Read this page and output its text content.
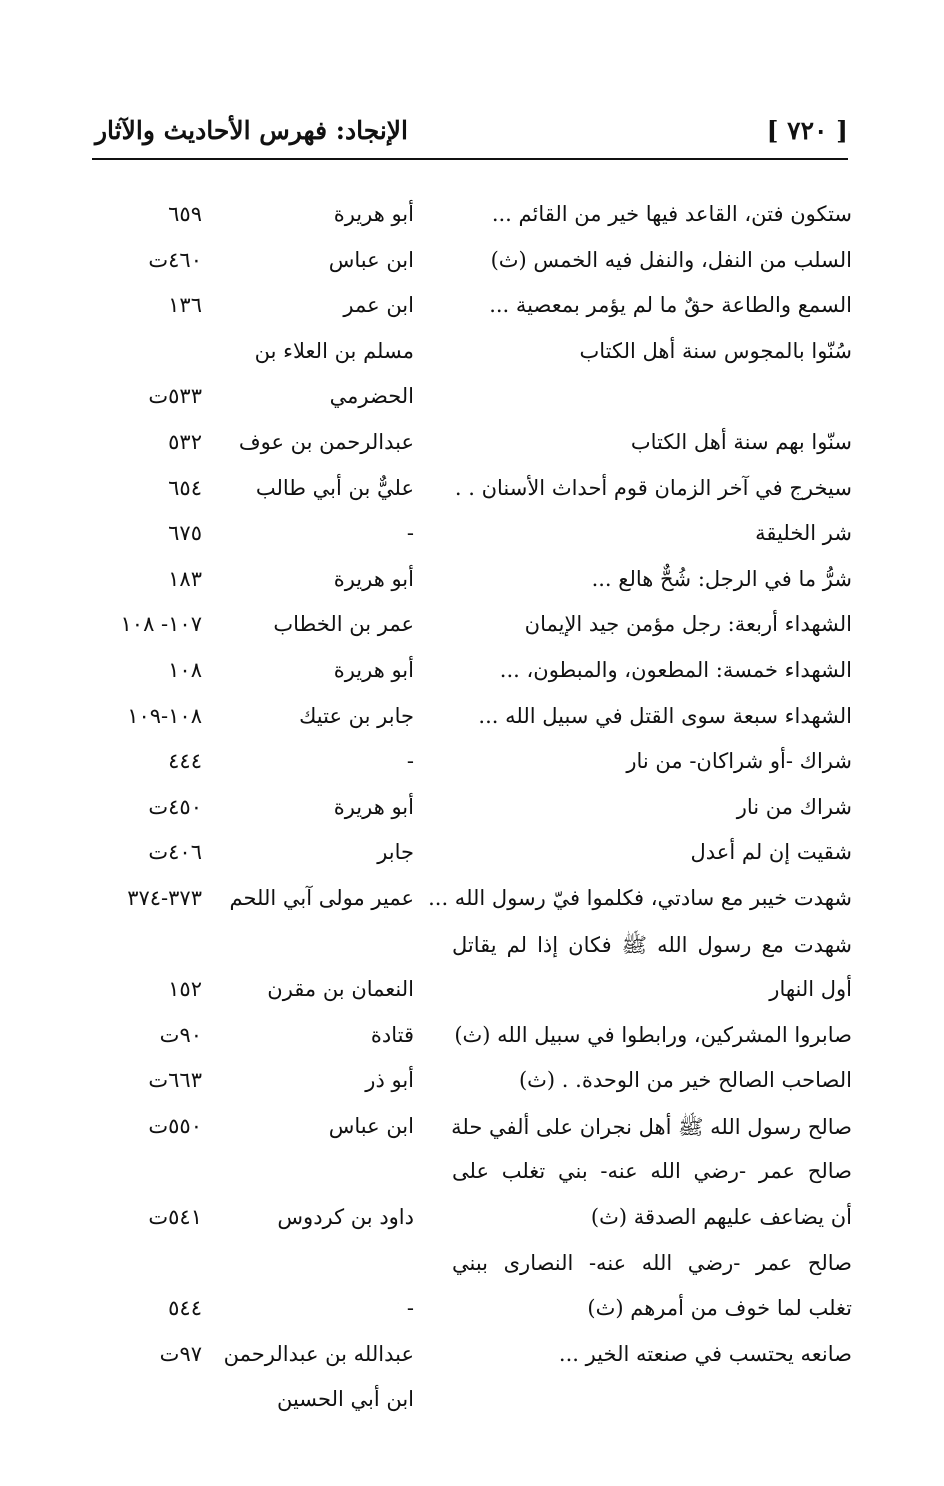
[ ٧٢٠ ]
الإنجاد: فهرس الأحاديث والآثار
ستكون فتن، القاعد فيها خير من القائم ...
أبو هريرة
٦٥٩
السلب من النفل، والنفل فيه الخمس (ث)
ابن عباس
٤٦٠ت
السمع والطاعة حقٌ ما لم يؤمر بمعصية ...
ابن عمر
١٣٦
سُنّوا بالمجوس سنة أهل الكتاب
مسلم بن العلاء بن
الحضرمي
٥٣٣ت
سنّوا بهم سنة أهل الكتاب
عبدالرحمن بن عوف
٥٣٢
سيخرج في آخر الزمان قوم أحداث الأسنان . .
عليٌّ بن أبي طالب
٦٥٤
شر الخليقة
-
٦٧٥
شرُّ ما في الرجل: شُحٌّ هالع ...
أبو هريرة
١٨٣
الشهداء أربعة: رجل مؤمن جيد الإيمان
عمر بن الخطاب
١٠٧- ١٠٨
الشهداء خمسة: المطعون، والمبطون، ...
أبو هريرة
١٠٨
الشهداء سبعة سوى القتل في سبيل الله ...
جابر بن عتيك
١٠٨-١٠٩
شراك -أو شراكان- من نار
-
٤٤٤
شراك من نار
أبو هريرة
٤٥٠ت
شقيت إن لم أعدل
جابر
٤٠٦ت
شهدت خيبر مع سادتي، فكلموا فيّ رسول الله ...
عمير مولى آبي اللحم
٣٧٣-٣٧٤
شهدت مع رسول الله ﷺ فكان إذا لم يقاتل
أول النهار
النعمان بن مقرن
١٥٢
صابروا المشركين، ورابطوا في سبيل الله (ث)
قتادة
٩٠ت
الصاحب الصالح خير من الوحدة. . (ث)
أبو ذر
٦٦٣ت
صالح رسول الله ﷺ أهل نجران على ألفي حلة
ابن عباس
٥٥٠ت
صالح عمر -رضي الله عنه- بني تغلب على
أن يضاعف عليهم الصدقة (ث)
داود بن كردوس
٥٤١ت
صالح عمر -رضي الله عنه- النصارى ببني
تغلب لما خوف من أمرهم (ث)
-
٥٤٤
صانعه يحتسب في صنعته الخير ...
عبدالله بن عبدالرحمن
٩٧ت
ابن أبي الحسين
